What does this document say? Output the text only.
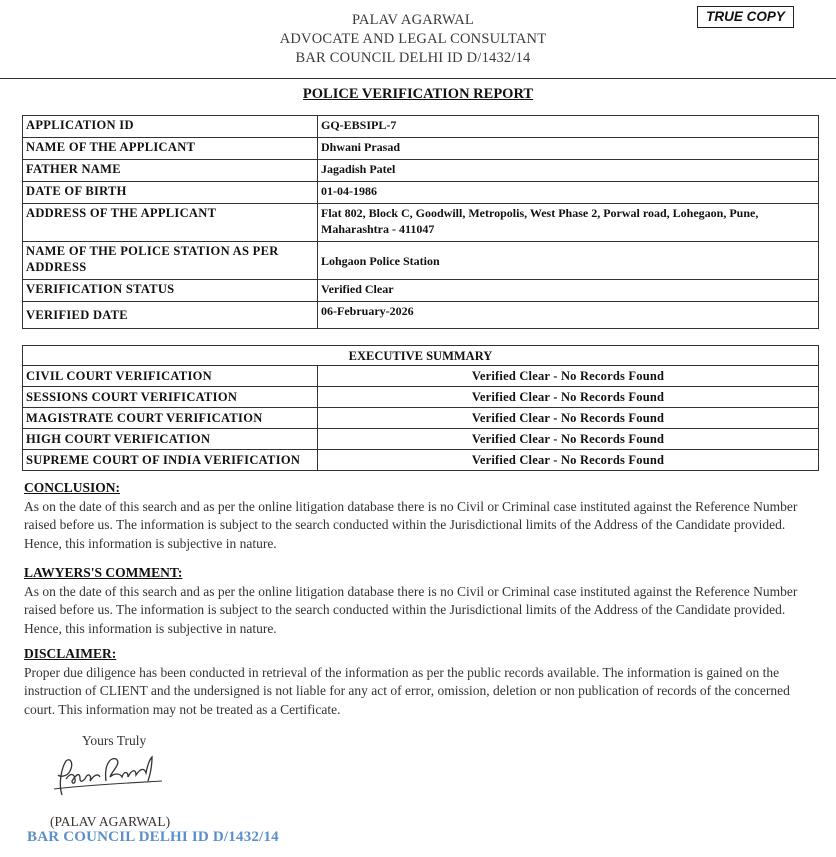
PALAV AGARWAL
ADVOCATE AND LEGAL CONSULTANT
BAR COUNCIL DELHI ID D/1432/14
TRUE COPY
POLICE VERIFICATION REPORT
APPLICATION ID	GQ-EBSIPL-7
NAME OF THE APPLICANT	Dhwani Prasad
FATHER NAME	Jagadish Patel
DATE OF BIRTH	01-04-1986
ADDRESS OF THE APPLICANT	Flat 802, Block C, Goodwill, Metropolis, West Phase 2, Porwal road, Lohegaon, Pune, Maharashtra - 411047
NAME OF THE POLICE STATION AS PER ADDRESS	Lohgaon Police Station
VERIFICATION STATUS	Verified Clear
VERIFIED DATE	06-February-2026
EXECUTIVE SUMMARY	
CIVIL COURT VERIFICATION	Verified Clear - No Records Found
SESSIONS COURT VERIFICATION	Verified Clear - No Records Found
MAGISTRATE COURT VERIFICATION	Verified Clear - No Records Found
HIGH COURT VERIFICATION	Verified Clear - No Records Found
SUPREME COURT OF INDIA VERIFICATION	Verified Clear - No Records Found
CONCLUSION:
As on the date of this search and as per the online litigation database there is no Civil or Criminal case instituted against the Reference Number raised before us. The information is subject to the search conducted within the Jurisdictional limits of the Address of the Candidate provided. Hence, this information is subjective in nature.
LAWYERS'S COMMENT:
As on the date of this search and as per the online litigation database there is no Civil or Criminal case instituted against the Reference Number raised before us. The information is subject to the search conducted within the Jurisdictional limits of the Address of the Candidate provided. Hence, this information is subjective in nature.
DISCLAIMER:
Proper due diligence has been conducted in retrieval of the information as per the public records available. The information is gained on the instruction of CLIENT and the undersigned is not liable for any act of error, omission, deletion or non publication of records of the concerned court. This information may not be treated as a Certificate.
Yours Truly
(PALAV AGARWAL)
BAR COUNCIL DELHI ID D/1432/14
